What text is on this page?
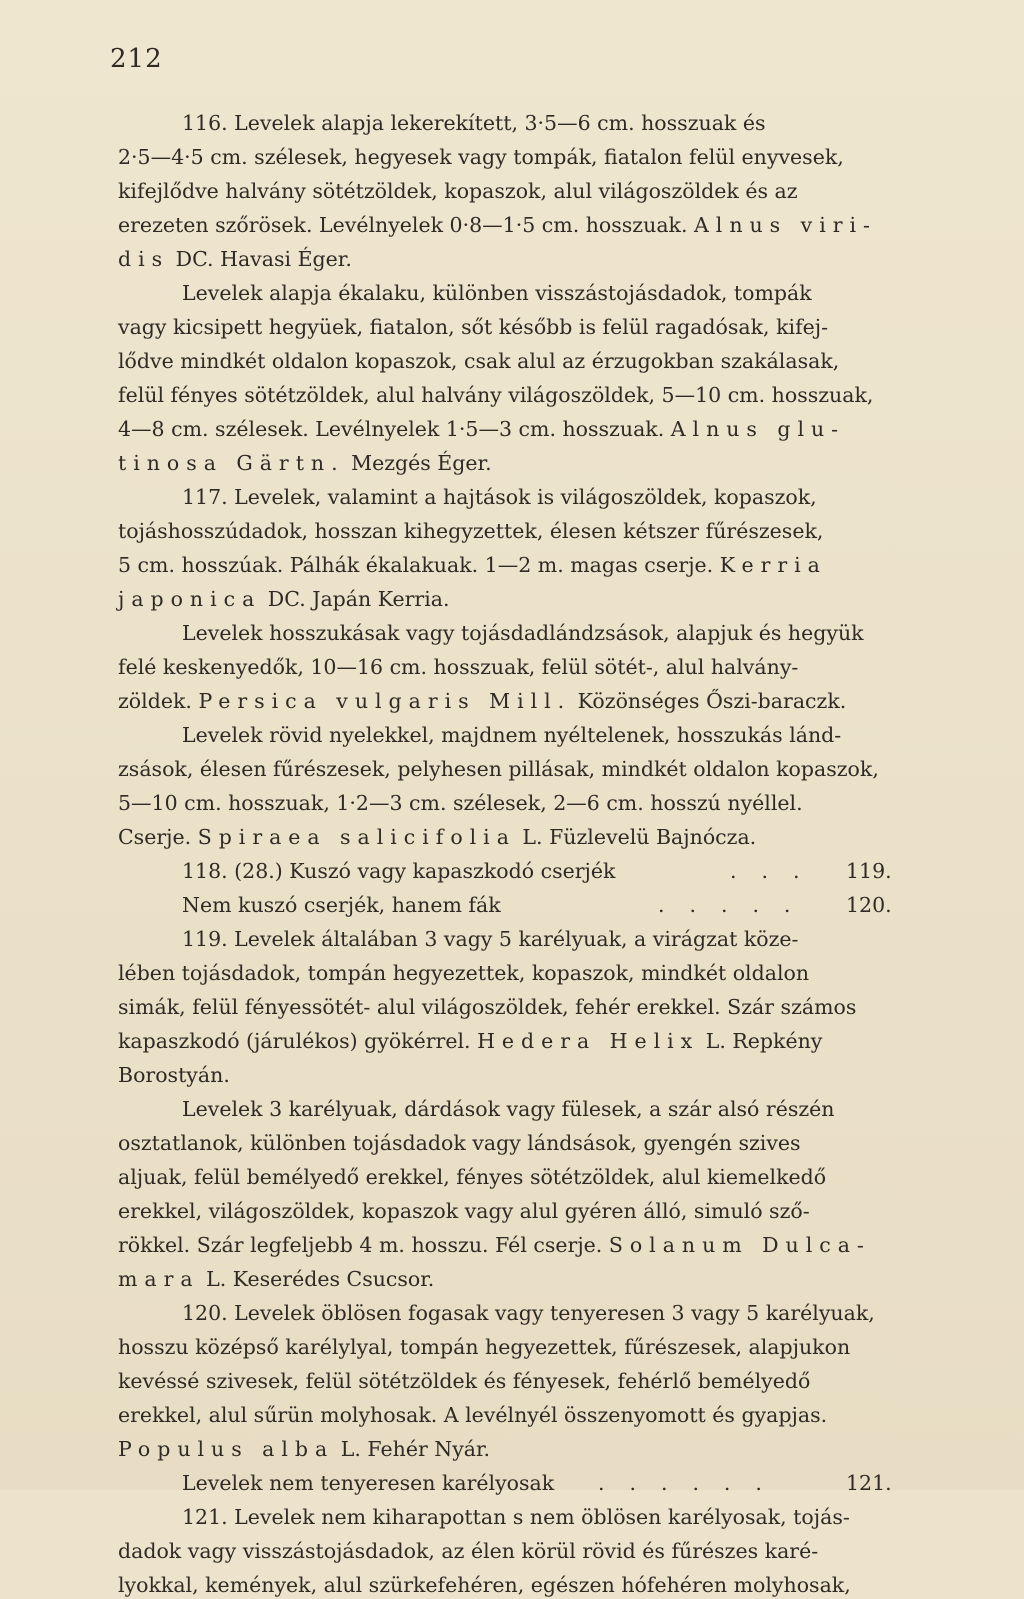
212
116. Levelek alapja lekerekített, 3·5—6 cm. hosszuak és
2·5—4·5 cm. szélesek, hegyesek vagy tompák, fiatalon felül enyvesek,
kifejlődve halvány sötétzöldek, kopaszok, alul világoszöldek és az
erezeten szőrösek. Levélnyelek 0·8—1·5 cm. hosszuak. Alnus viri-
dis DC. Havasi Éger.
Levelek alapja ékalaku, különben visszástojásdadok, tompák
vagy kicsipett hegyüek, fiatalon, sőt később is felül ragadósak, kifej-
lődve mindkét oldalon kopaszok, csak alul az érzugokban szakálasak,
felül fényes sötétzöldek, alul halvány világoszöldek, 5—10 cm. hosszuak,
4—8 cm. szélesek. Levélnyelek 1·5—3 cm. hosszuak. Alnus glu-
tinosa Gärtn. Mezgés Éger.
117. Levelek, valamint a hajtások is világoszöldek, kopaszok,
tojáshosszúdadok, hosszan kihegyzettek, élesen kétszer fűrészesek,
5 cm. hosszúak. Pálhák ékalakuak. 1—2 m. magas cserje. Kerria
japonica DC. Japán Kerria.
Levelek hosszukásak vagy tojásdadlándzsások, alapjuk és hegyük
felé keskenyedők, 10—16 cm. hosszuak, felül sötét-, alul halvány-
zöldek. Persica vulgaris Mill. Közönséges Őszi-baraczk.
Levelek rövid nyelekkel, majdnem nyéltelenek, hosszukás lánd-
zsások, élesen fűrészesek, pelyhesen pillásak, mindkét oldalon kopaszok,
5—10 cm. hosszuak, 1·2—3 cm. szélesek, 2—6 cm. hosszú nyéllel.
Cserje. Spiraea salicifolia L. Füzlevelü Bajnócza.
118. (28.) Kuszó vagy kapaszkodó cserjék	. . . 119.
Nem kuszó cserjék, hanem fák	. . . . . 120.
119. Levelek általában 3 vagy 5 karélyuak, a virágzat köze-
lében tojásdadok, tompán hegyezettek, kopaszok, mindkét oldalon
simák, felül fényessötét- alul világoszöldek, fehér erekkel. Szár számos
kapaszkodó (járulékos) gyökérrel. Hedera Helix L. Repkény
Borostyán.
Levelek 3 karélyuak, dárdások vagy fülesek, a szár alsó részén
osztatlanok, különben tojásdadok vagy lándsások, gyengén szives
aljuak, felül bemélyedő erekkel, fényes sötétzöldek, alul kiemelkedő
erekkel, világoszöldek, kopaszok vagy alul gyéren álló, simuló sző-
rökkel. Szár legfeljebb 4 m. hosszu. Fél cserje. Solanum Dulca-
mara L. Keserédes Csucsor.
120. Levelek öblösen fogasak vagy tenyeresen 3 vagy 5 karélyuak,
hosszu középső karélylyal, tompán hegyezettek, fűrészesek, alapjukon
kevéssé szivesek, felül sötétzöldek és fényesek, fehérlő bemélyedő
erekkel, alul sűrün molyhosak. A levélnyél összenyomott és gyapjas.
Populus alba L. Fehér Nyár.
Levelek nem tenyeresen karélyosak . . . . . .	121.
121. Levelek nem kiharapottan s nem öblösen karélyosak, tojás-
dadok vagy visszástojásdadok, az élen körül rövid és fűrészes karé-
lyokkal, kemények, alul szürkefehéren, egészen hófehéren molyhosak,
